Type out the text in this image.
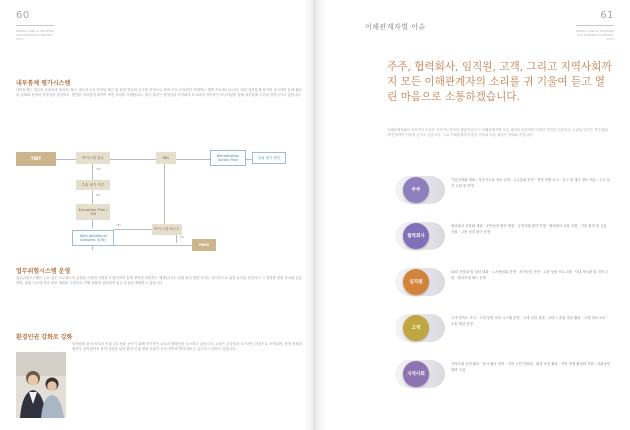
60
KOREA LAND & HOUSING
SUSTAINABILITY REPORT
2011
내부통제 평가시스템
내부통제는 업무의 효율성과 효과성 제고, 재무보고의 신뢰성 제고 및 관련 법규의 준수를 목적으로 하며 모든 구성원이 이행하는 제반 프로세스입니다. 매년 내부통제 평가를 실시하여 통제 활동의 설계와 운영의 적정성을 점검하고, 발견된 미비점에 대하여 개선 조치를 시행합니다. 평가 결과는 경영진과 이사회에 보고되며 지속적인 모니터링을 통해 내부통제 수준을 향상시키고 있습니다.
TIBT	바이스캡 업무	RBL
Remediation Action Plan
상위 평가 확인
추출 평가 여부
Exception Plan / Y/N
Total Additional Samples (V/N)
바이스캡 테스트
PASS
YES
NO
YES
NO
업무위험시스템 운영
업무위험시스템은 주요 업무 프로세스의 위험을 사전에 식별하고 평가하여 통제 방안을 마련하는 체계입니다. 위험 관리 담당 부서는 정기적으로 위험 요인을 점검하고 그 결과를 관련 부서와 공유하며, 위험 수준에 따라 대응 계획을 수립하고 이행 상황을 관리하여 업무 손실을 예방하고 있습니다.
환경인권 강화로 강화
임직원의 윤리 의식과 인권 감수성을 높이기 위해 정기적인 교육과 캠페인을 실시하고 있습니다. 교육은 온라인과 오프라인 과정으로 운영되며, 현장 직원과 협력사 임직원까지 참여 대상을 넓혀 환경·인권 경영 문화가 조직 전반에 뿌리내릴 수 있도록 노력하고 있습니다.
이해관계자별 이슈
61
KOREA LAND & HOUSING
SUSTAINABILITY REPORT
2011
주주, 협력회사, 임직원, 고객, 그리고 지역사회까지 모든 이해관계자의 소리를 귀 기울여 듣고 열린 마음으로 소통하겠습니다.
이해관계자와의 지속적인 소통은 지속가능경영의 출발점입니다. 이해관계자별 소통 채널을 운영하여 다양한 의견을 수렴하고, 수렴된 의견은 경영 활동에 반영하여 신뢰를 높이고 있습니다. 주요 이해관계자의 관심 이슈와 소통 채널은 아래와 같습니다.
주주
기업설명회 개최 · 지속가능성 정보 공개 · 주주총회 운영 · 경영 현황 보고 · 공시 및 재무 정보 제공 · 주주 의견 수렴 및 반영
협력회사
협력회사 간담회 개최 · 동반성장 협약 체결 · 공정거래 협약 이행 · 협력회사 교육 지원 · 기술 협력 및 금융 지원 · 고충 처리 창구 운영
임직원
CEO 간담회 및 열린 대화 · 노사협의회 운영 · 조직문화 진단 · 고충 상담 프로그램 · 사내 게시판 및 의견 수렴 · 복리후생 제도 운영
고객
고객 만족도 조사 · 고객 불만 처리 시스템 운영 · 고객 의견 청취 · 서비스 품질 개선 활동 · 고객 정보 보호 · 소통 채널 운영
지역사회
지역사회 공헌 활동 · 봉사 활동 참여 · 지역 주민 간담회 · 환경 보전 활동 · 지역 경제 활성화 지원 · 사회공헌 협력 사업
